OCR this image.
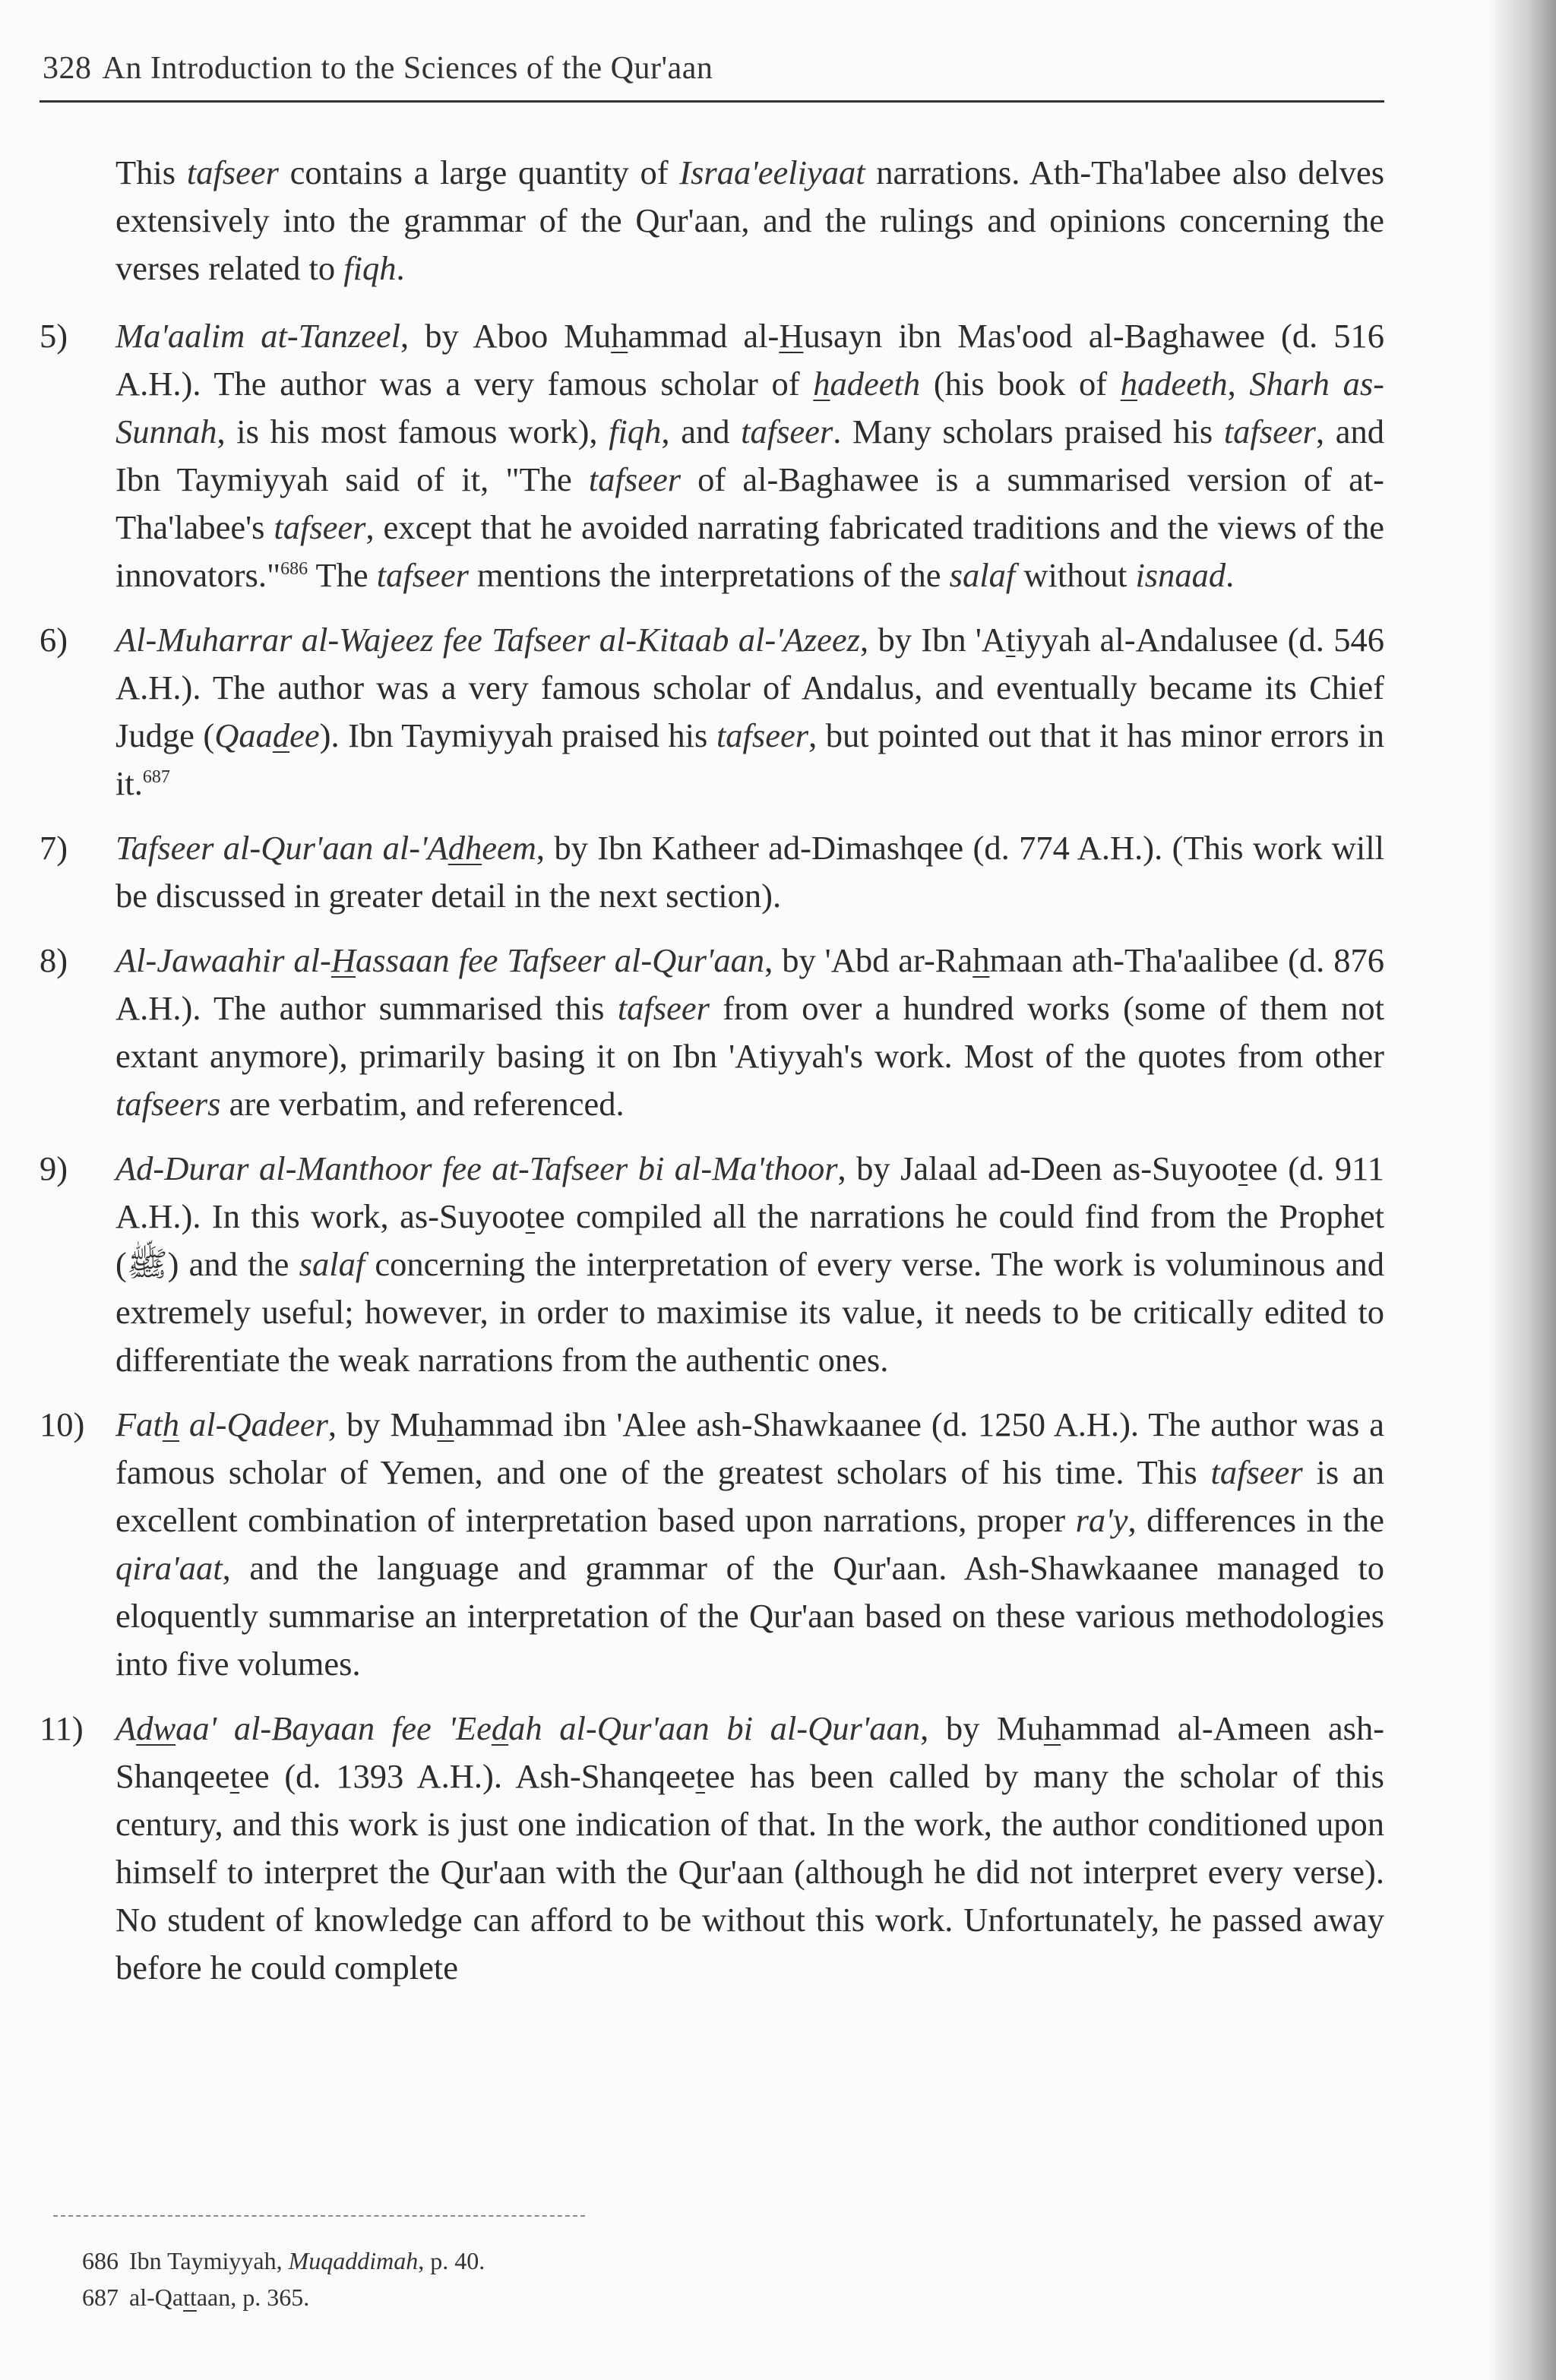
328 An Introduction to the Sciences of the Qur'aan

This tafseer contains a large quantity of Israa'eeliyaat narrations. Ath-Tha'labee also delves extensively into the grammar of the Qur'aan, and the rulings and opinions concerning the verses related to fiqh.

5)	Ma'aalim at-Tanzeel, by Aboo Muhammad al-Husayn ibn Mas'ood al-Baghawee (d. 516 A.H.). The author was a very famous scholar of hadeeth (his book of hadeeth, Sharh as-Sunnah, is his most famous work), fiqh, and tafseer. Many scholars praised his tafseer, and Ibn Taymiyyah said of it, "The tafseer of al-Baghawee is a summarised version of at-Tha'labee's tafseer, except that he avoided narrating fabricated traditions and the views of the innovators."$^{686}$ The tafseer mentions the interpretations of the salaf without isnaad.
6)	Al-Muharrar al-Wajeez fee Tafseer al-Kitaab al-'Azeez, by Ibn 'Atiyyah al-Andalusee (d. 546 A.H.). The author was a very famous scholar of Andalus, and eventually became its Chief Judge (Qaadee). Ibn Taymiyyah praised his tafseer, but pointed out that it has minor errors in it.$^{687}$
7)	Tafseer al-Qur'aan al-'Adheem, by Ibn Katheer ad-Dimashqee (d. 774 A.H.). (This work will be discussed in greater detail in the next section).
8)	Al-Jawaahir al-Hassaan fee Tafseer al-Qur'aan, by 'Abd ar-Rahmaan ath-Tha'aalibee (d. 876 A.H.). The author summarised this tafseer from over a hundred works (some of them not extant anymore), primarily basing it on Ibn 'Atiyyah's work. Most of the quotes from other tafseers are verbatim, and referenced.
9)	Ad-Durar al-Manthoor fee at-Tafseer bi al-Ma'thoor, by Jalaal ad-Deen as-Suyootee (d. 911 A.H.). In this work, as-Suyootee compiled all the narrations he could find from the Prophet (ﷺ) and the salaf concerning the interpretation of every verse. The work is voluminous and extremely useful; however, in order to maximise its value, it needs to be critically edited to differentiate the weak narrations from the authentic ones.
10) Fath al-Qadeer, by Muhammad ibn 'Alee ash-Shawkaanee (d. 1250 A.H.). The author was a famous scholar of Yemen, and one of the greatest scholars of his time. This tafseer is an excellent combination of interpretation based upon narrations, proper ra'y, differences in the qira'aat, and the language and grammar of the Qur'aan. Ash-Shawkaanee managed to eloquently summarise an interpretation of the Qur'aan based on these various methodologies into five volumes.
11) Adwaa' al-Bayaan fee 'Eedah al-Qur'aan bi al-Qur'aan, by Muhammad al-Ameen ash-Shanqeetee (d. 1393 A.H.). Ash-Shanqeetee has been called by many the scholar of this century, and this work is just one indication of that. In the work, the author conditioned upon himself to interpret the Qur'aan with the Qur'aan (although he did not interpret every verse). No student of knowledge can afford to be without this work. Unfortunately, he passed away before he could complete
686 Ibn Taymiyyah, Muqaddimah, p. 40.
687 al-Qattaan, p. 365.
